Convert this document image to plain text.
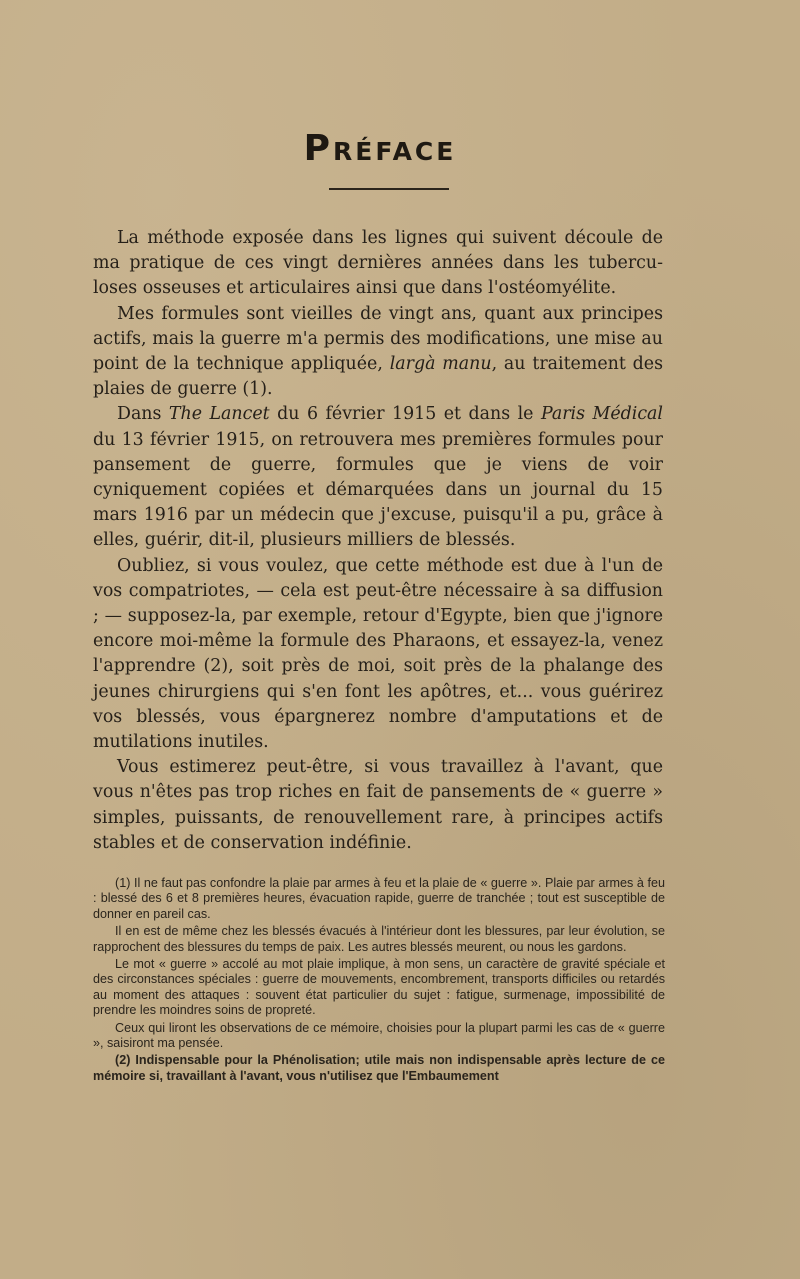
Préface

La méthode exposée dans les lignes qui suivent découle de ma pratique de ces vingt dernières années dans les tuberculoses osseuses et articulaires ainsi que dans l'ostéomyélite.

Mes formules sont vieilles de vingt ans, quant aux principes actifs, mais la guerre m'a permis des modifications, une mise au point de la technique appliquée, largà manu, au traitement des plaies de guerre (1).

Dans The Lancet du 6 février 1915 et dans le Paris Médical du 13 février 1915, on retrouvera mes premières formules pour pansement de guerre, formules que je viens de voir cyniquement copiées et démarquées dans un journal du 15 mars 1916 par un médecin que j'excuse, puisqu'il a pu, grâce à elles, guérir, dit-il, plusieurs milliers de blessés.

Oubliez, si vous voulez, que cette méthode est due à l'un de vos compatriotes, — cela est peut-être nécessaire à sa diffusion ; — supposez-la, par exemple, retour d'Egypte, bien que j'ignore encore moi-même la formule des Pharaons, et essayez-la, venez l'apprendre (2), soit près de moi, soit près de la phalange des jeunes chirurgiens qui s'en font les apôtres, et... vous guérirez vos blessés, vous épargnerez nombre d'amputations et de mutilations inutiles.

Vous estimerez peut-être, si vous travaillez à l'avant, que vous n'êtes pas trop riches en fait de pansements de « guerre » simples, puissants, de renouvellement rare, à principes actifs stables et de conservation indéfinie.

(1) Il ne faut pas confondre la plaie par armes à feu et la plaie de « guerre ». Plaie par armes à feu : blessé des 6 et 8 premières heures, évacuation rapide, guerre de tranchée ; tout est susceptible de donner en pareil cas.

Il en est de même chez les blessés évacués à l'intérieur dont les blessures, par leur évolution, se rapprochent des blessures du temps de paix. Les autres blessés meurent, ou nous les gardons.

Le mot « guerre » accolé au mot plaie implique, à mon sens, un caractère de gravité spéciale et des circonstances spéciales : guerre de mouvements, encombrement, transports difficiles ou retardés au moment des attaques : souvent état particulier du sujet : fatigue, surmenage, impossibilité de prendre les moindres soins de propreté.

Ceux qui liront les observations de ce mémoire, choisies pour la plupart parmi les cas de « guerre », saisiront ma pensée.

(2) Indispensable pour la Phénolisation; utile mais non indispensable après lecture de ce mémoire si, travaillant à l'avant, vous n'utilisez que l'Embaumement
